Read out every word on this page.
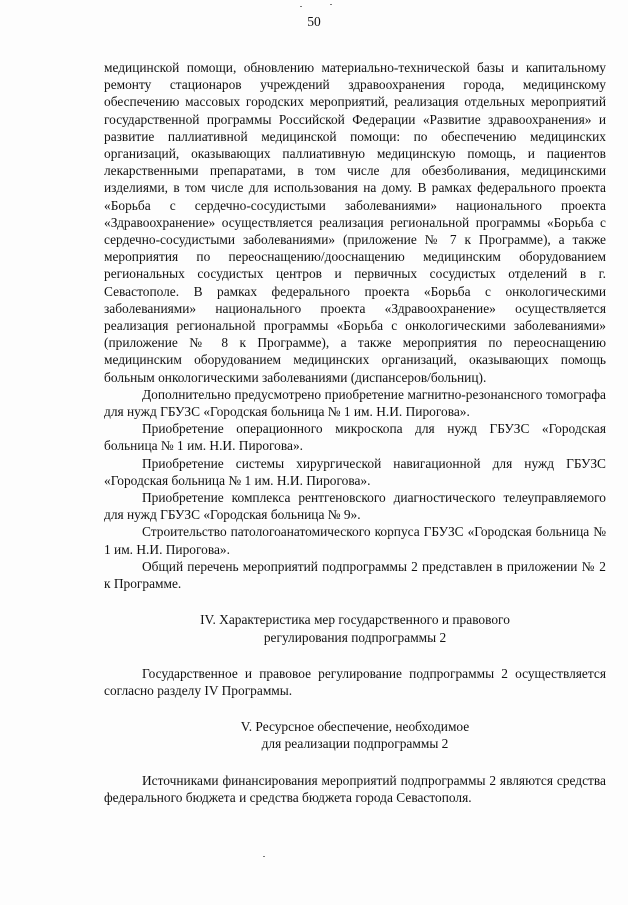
50

медицинской помощи, обновлению материально-технической базы и капитальному ремонту стационаров учреждений здравоохранения города, медицинскому обеспечению массовых городских мероприятий, реализация отдельных мероприятий государственной программы Российской Федерации «Развитие здравоохранения» и развитие паллиативной медицинской помощи: по обеспечению медицинских организаций, оказывающих паллиативную медицинскую помощь, и пациентов лекарственными препаратами, в том числе для обезболивания, медицинскими изделиями, в том числе для использования на дому. В рамках федерального проекта «Борьба с сердечно-сосудистыми заболеваниями» национального проекта «Здравоохранение» осуществляется реализация региональной программы «Борьба с сердечно-сосудистыми заболеваниями» (приложение № 7 к Программе), а также мероприятия по переоснащению/дооснащению медицинским оборудованием региональных сосудистых центров и первичных сосудистых отделений в г. Севастополе. В рамках федерального проекта «Борьба с онкологическими заболеваниями» национального проекта «Здравоохранение» осуществляется реализация региональной программы «Борьба с онкологическими заболеваниями» (приложение № 8 к Программе), а также мероприятия по переоснащению медицинским оборудованием медицинских организаций, оказывающих помощь больным онкологическими заболеваниями (диспансеров/больниц).

Дополнительно предусмотрено приобретение магнитно-резонансного томографа для нужд ГБУЗС «Городская больница № 1 им. Н.И. Пирогова».

Приобретение операционного микроскопа для нужд ГБУЗС «Городская больница № 1 им. Н.И. Пирогова».

Приобретение системы хирургической навигационной для нужд ГБУЗС «Городская больница № 1 им. Н.И. Пирогова».

Приобретение комплекса рентгеновского диагностического телеуправляемого для нужд ГБУЗС «Городская больница № 9».

Строительство патологоанатомического корпуса ГБУЗС «Городская больница № 1 им. Н.И. Пирогова».

Общий перечень мероприятий подпрограммы 2 представлен в приложении № 2 к Программе.

IV. Характеристика мер государственного и правового

регулирования подпрограммы 2

Государственное и правовое регулирование подпрограммы 2 осуществляется согласно разделу IV Программы.

V. Ресурсное обеспечение, необходимое

для реализации подпрограммы 2

Источниками финансирования мероприятий подпрограммы 2 являются средства федерального бюджета и средства бюджета города Севастополя.
